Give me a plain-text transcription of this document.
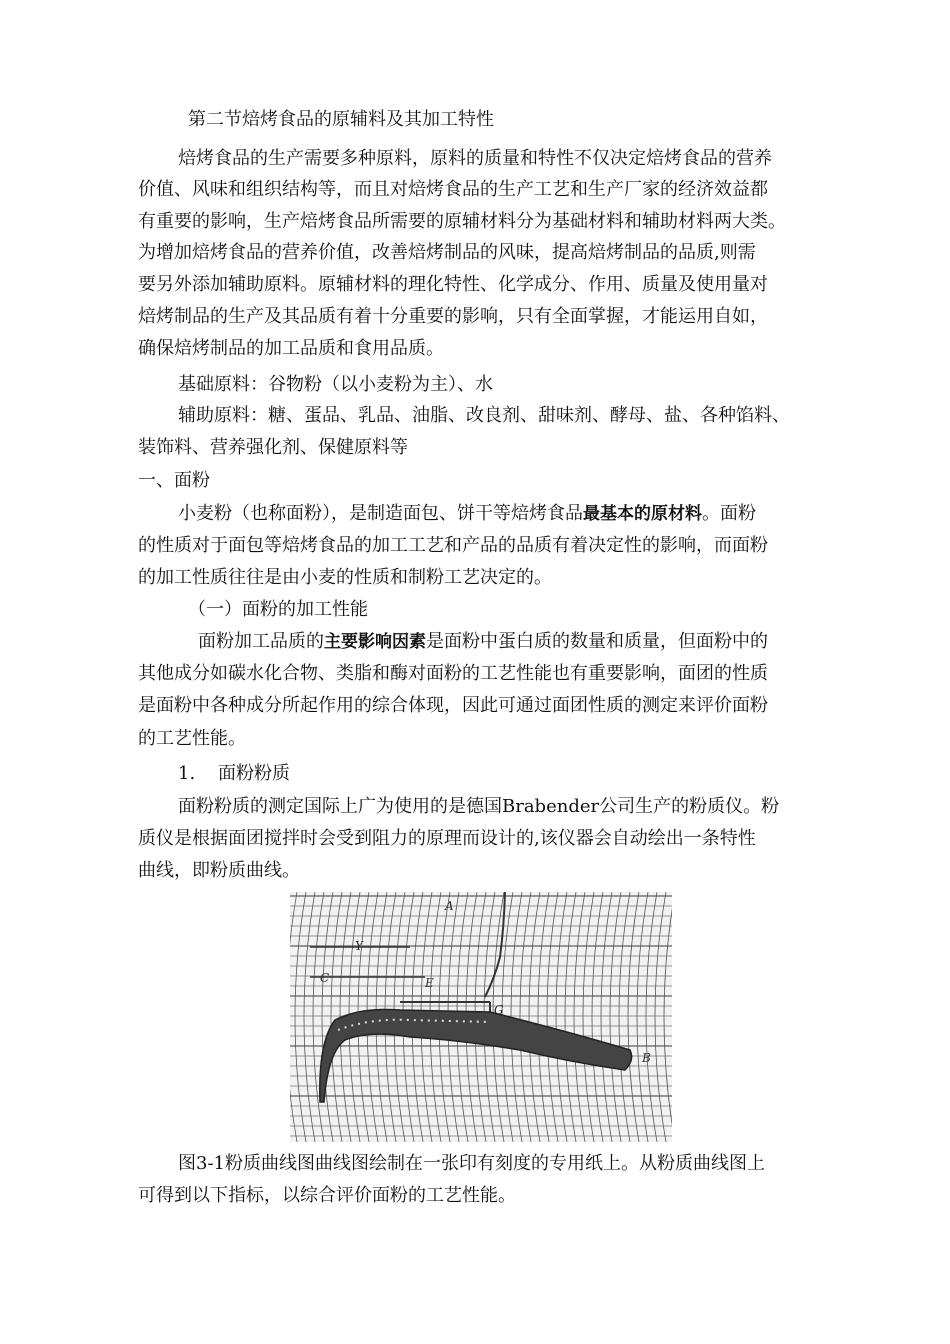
第二节焙烤食品的原辅料及其加工特性
焙烤食品的生产需要多种原料，原料的质量和特性不仅决定焙烤食品的营养
价值、风味和组织结构等，而且对焙烤食品的生产工艺和生产厂家的经济效益都
有重要的影响，生产焙烤食品所需要的原辅材料分为基础材料和辅助材料两大类。
为增加焙烤食品的营养价值，改善焙烤制品的风味，提高焙烤制品的品质,则需
要另外添加辅助原料。原辅材料的理化特性、化学成分、作用、质量及使用量对
焙烤制品的生产及其品质有着十分重要的影响，只有全面掌握，才能运用自如，
确保焙烤制品的加工品质和食用品质。
基础原料：谷物粉（以小麦粉为主）、水
辅助原料：糖、蛋品、乳品、油脂、改良剂、甜味剂、酵母、盐、各种馅料、
装饰料、营养强化剂、保健原料等
一、面粉
小麦粉（也称面粉），是制造面包、饼干等焙烤食品最基本的原材料。面粉
的性质对于面包等焙烤食品的加工工艺和产品的品质有着决定性的影响，而面粉
的加工性质往往是由小麦的性质和制粉工艺决定的。
（一）面粉的加工性能
面粉加工品质的主要影响因素是面粉中蛋白质的数量和质量，但面粉中的
其他成分如碳水化合物、类脂和酶对面粉的工艺性能也有重要影响，面团的性质
是面粉中各种成分所起作用的综合体现，因此可通过面团性质的测定来评价面粉
的工艺性能。
1. 面粉粉质
面粉粉质的测定国际上广为使用的是德国Brabender公司生产的粉质仪。粉
质仪是根据面团搅拌时会受到阻力的原理而设计的,该仪器会自动绘出一条特性
曲线，即粉质曲线。
A
Y
C	E
G
B
图3-1粉质曲线图曲线图绘制在一张印有刻度的专用纸上。从粉质曲线图上
可得到以下指标，以综合评价面粉的工艺性能。
